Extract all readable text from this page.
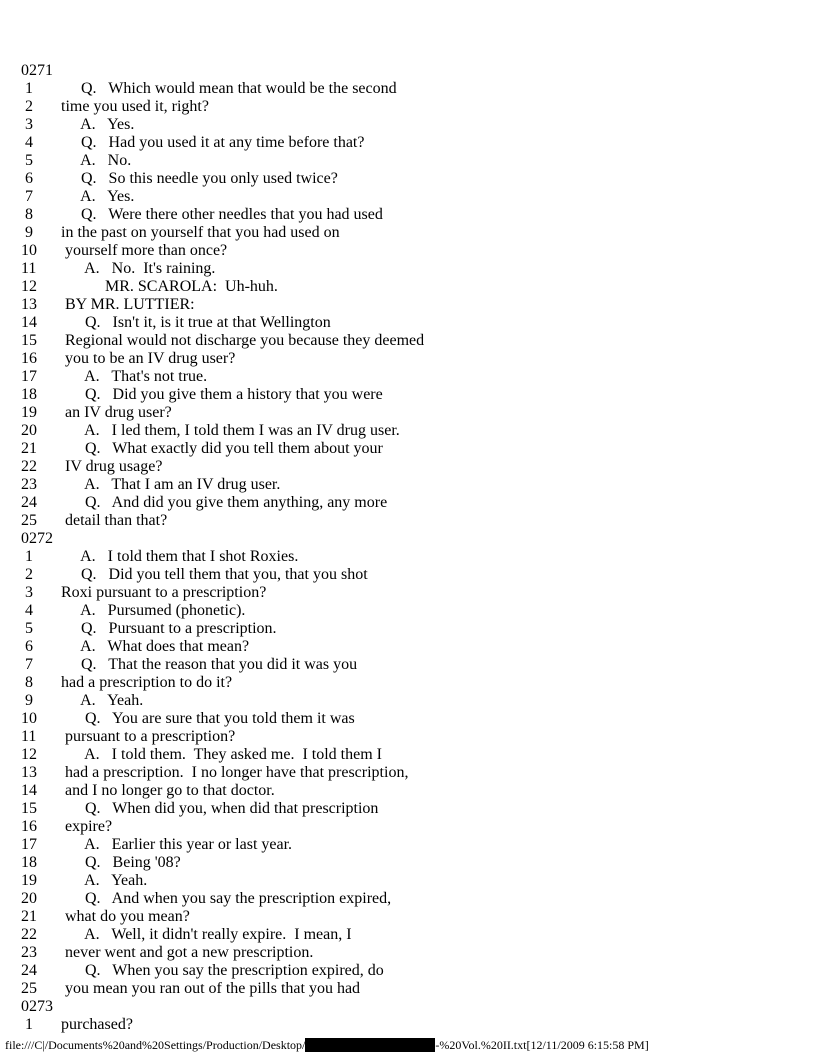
0271
1 Q.   Which would mean that would be the second
2 time you used it, right?
3 A.   Yes.
4 Q.   Had you used it at any time before that?
5 A.   No.
6 Q.   So this needle you only used twice?
7 A.   Yes.
8 Q.   Were there other needles that you had used
9 in the past on yourself that you had used on
10 yourself more than once?
11 A.   No.  It's raining.
12 MR. SCAROLA:  Uh-huh.
13 BY MR. LUTTIER:
14 Q.   Isn't it, is it true at that Wellington
15 Regional would not discharge you because they deemed
16 you to be an IV drug user?
17 A.   That's not true.
18 Q.   Did you give them a history that you were
19 an IV drug user?
20 A.   I led them, I told them I was an IV drug user.
21 Q.   What exactly did you tell them about your
22 IV drug usage?
23 A.   That I am an IV drug user.
24 Q.   And did you give them anything, any more
25 detail than that?
0272
1 A.   I told them that I shot Roxies.
2 Q.   Did you tell them that you, that you shot
3 Roxi pursuant to a prescription?
4 A.   Pursumed (phonetic).
5 Q.   Pursuant to a prescription.
6 A.   What does that mean?
7 Q.   That the reason that you did it was you
8 had a prescription to do it?
9 A.   Yeah.
10 Q.   You are sure that you told them it was
11 pursuant to a prescription?
12 A.   I told them.  They asked me.  I told them I
13 had a prescription.  I no longer have that prescription,
14 and I no longer go to that doctor.
15 Q.   When did you, when did that prescription
16 expire?
17 A.   Earlier this year or last year.
18 Q.   Being '08?
19 A.   Yeah.
20 Q.   And when you say the prescription expired,
21 what do you mean?
22 A.   Well, it didn't really expire.  I mean, I
23 never went and got a new prescription.
24 Q.   When you say the prescription expired, do
25 you mean you ran out of the pills that you had
0273
1 purchased?
file:///C|/Documents%20and%20Settings/Production/Desktop/	-%20Vol.%20II.txt[12/11/2009 6:15:58 PM]
